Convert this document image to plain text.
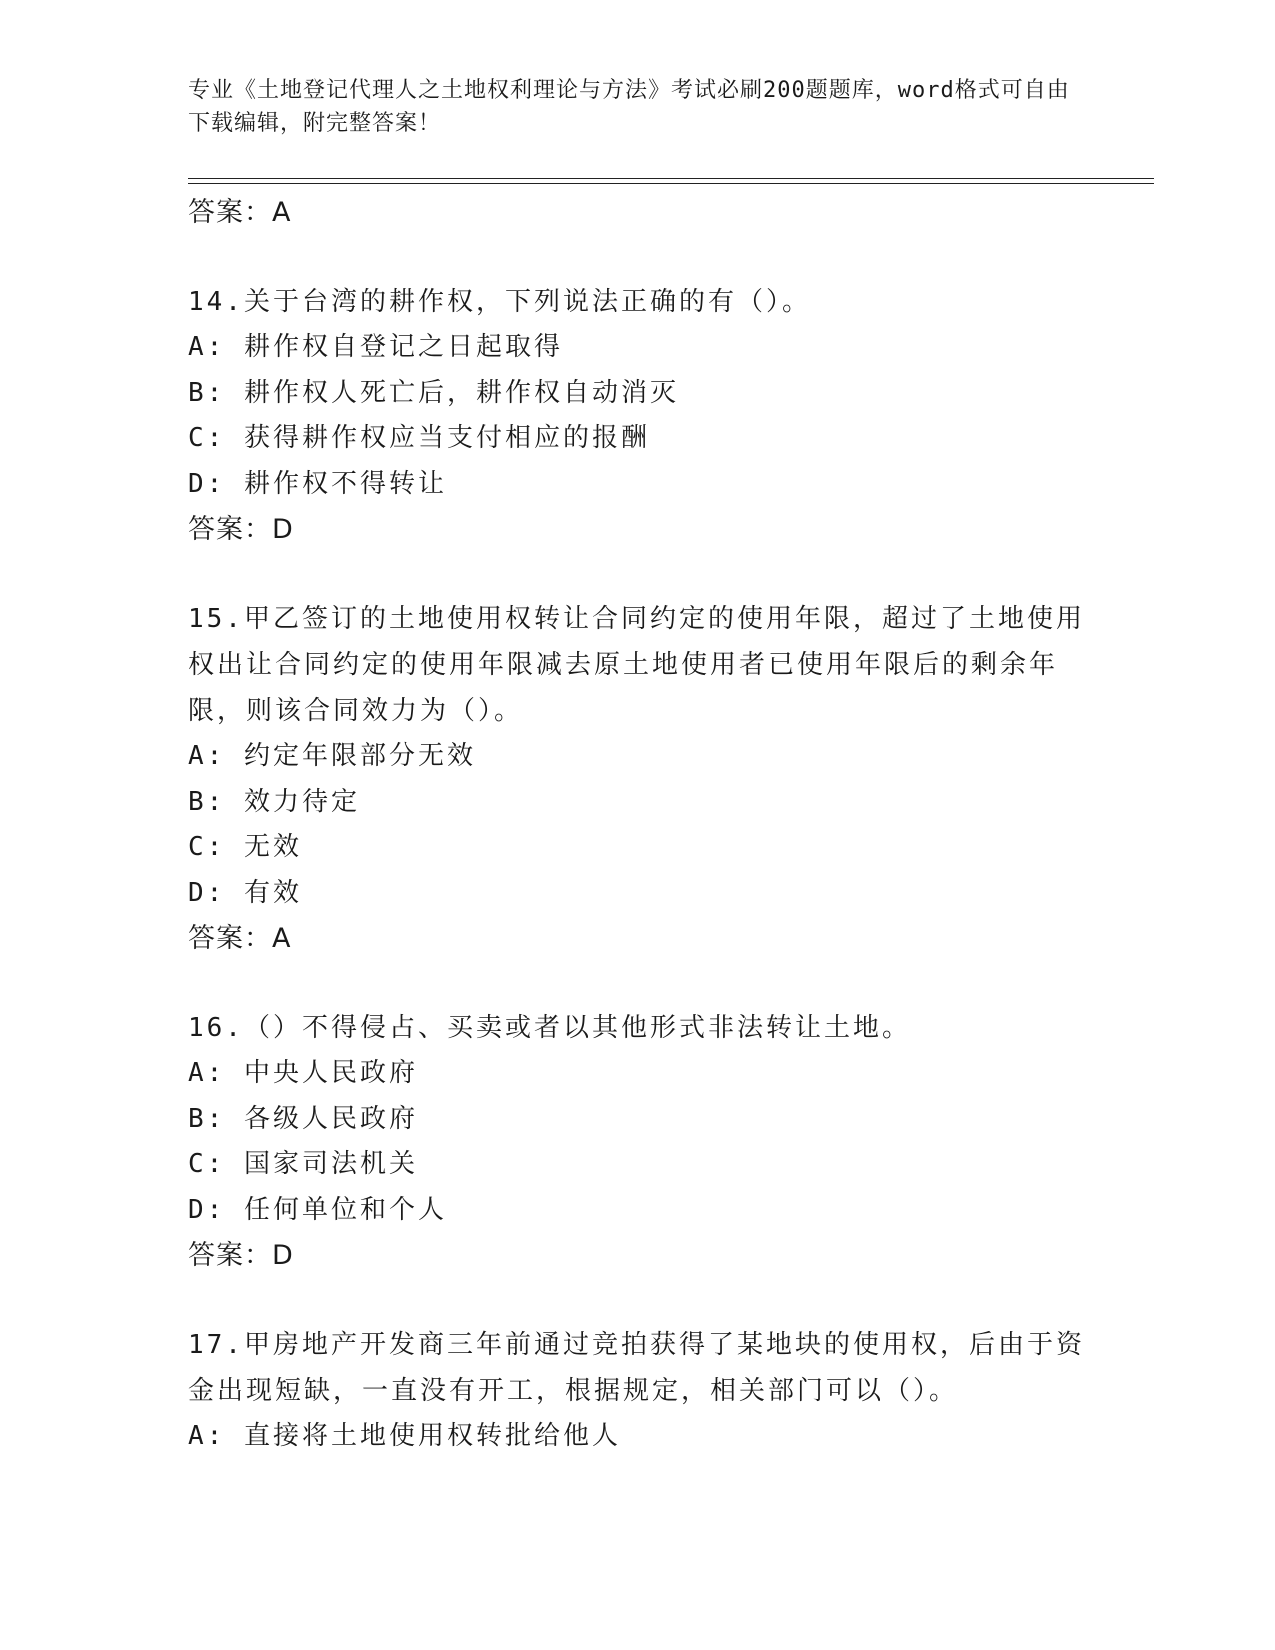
专业《土地登记代理人之土地权利理论与方法》考试必刷200题题库，word格式可自由下载编辑，附完整答案！
答案：A
14.关于台湾的耕作权，下列说法正确的有（）。
A: 耕作权自登记之日起取得
B: 耕作权人死亡后，耕作权自动消灭
C: 获得耕作权应当支付相应的报酬
D: 耕作权不得转让
答案：D
15.甲乙签订的土地使用权转让合同约定的使用年限，超过了土地使用权出让合同约定的使用年限减去原土地使用者已使用年限后的剩余年限，则该合同效力为（）。
A: 约定年限部分无效
B: 效力待定
C: 无效
D: 有效
答案：A
16.（）不得侵占、买卖或者以其他形式非法转让土地。
A: 中央人民政府
B: 各级人民政府
C: 国家司法机关
D: 任何单位和个人
答案：D
17.甲房地产开发商三年前通过竞拍获得了某地块的使用权，后由于资金出现短缺，一直没有开工，根据规定，相关部门可以（）。
A: 直接将土地使用权转批给他人
